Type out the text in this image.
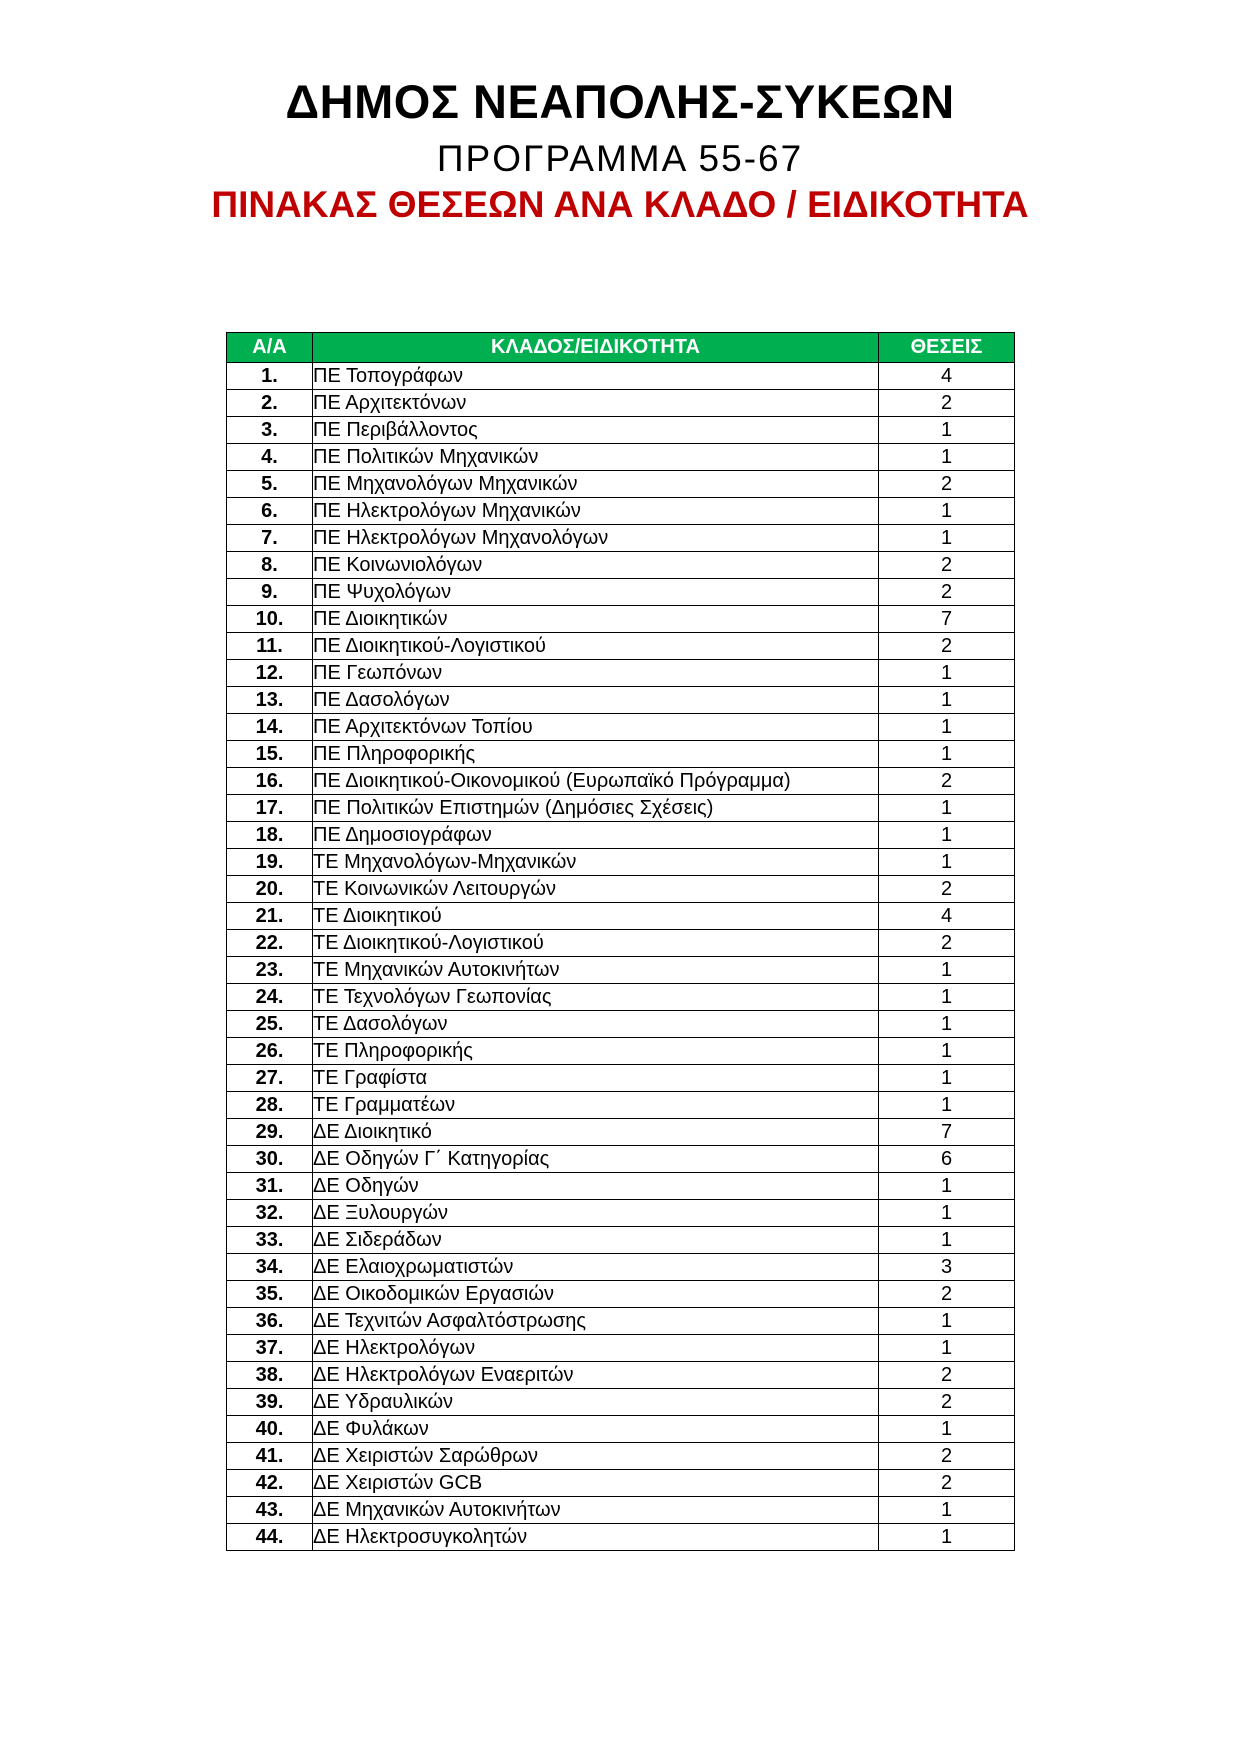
ΔΗΜΟΣ ΝΕΑΠΟΛΗΣ-ΣΥΚΕΩΝ
ΠΡΟΓΡΑΜΜΑ 55-67
ΠΙΝΑΚΑΣ ΘΕΣΕΩΝ ΑΝΑ ΚΛΑΔΟ / ΕΙΔΙΚΟΤΗΤΑ
Α/Α	ΚΛΑΔΟΣ/ΕΙΔΙΚΟΤΗΤΑ	ΘΕΣΕΙΣ
1.	ΠΕ Τοπογράφων	4
2.	ΠΕ Αρχιτεκτόνων	2
3.	ΠΕ Περιβάλλοντος	1
4.	ΠΕ Πολιτικών Μηχανικών	1
5.	ΠΕ Μηχανολόγων Μηχανικών	2
6.	ΠΕ Ηλεκτρολόγων Μηχανικών	1
7.	ΠΕ Ηλεκτρολόγων Μηχανολόγων	1
8.	ΠΕ Κοινωνιολόγων	2
9.	ΠΕ Ψυχολόγων	2
10.	ΠΕ Διοικητικών	7
11.	ΠΕ Διοικητικού-Λογιστικού	2
12.	ΠΕ Γεωπόνων	1
13.	ΠΕ Δασολόγων	1
14.	ΠΕ Αρχιτεκτόνων Τοπίου	1
15.	ΠΕ Πληροφορικής	1
16.	ΠΕ Διοικητικού-Οικονομικού (Ευρωπαϊκό Πρόγραμμα)	2
17.	ΠΕ Πολιτικών Επιστημών (Δημόσιες Σχέσεις)	1
18.	ΠΕ Δημοσιογράφων	1
19.	ΤΕ Μηχανολόγων-Μηχανικών	1
20.	ΤΕ Κοινωνικών Λειτουργών	2
21.	ΤΕ Διοικητικού	4
22.	ΤΕ Διοικητικού-Λογιστικού	2
23.	ΤΕ Μηχανικών Αυτοκινήτων	1
24.	ΤΕ Τεχνολόγων Γεωπονίας	1
25.	ΤΕ Δασολόγων	1
26.	ΤΕ Πληροφορικής	1
27.	ΤΕ Γραφίστα	1
28.	ΤΕ Γραμματέων	1
29.	ΔΕ Διοικητικό	7
30.	ΔΕ Οδηγών Γ΄ Κατηγορίας	6
31.	ΔΕ Οδηγών	1
32.	ΔΕ Ξυλουργών	1
33.	ΔΕ Σιδεράδων	1
34.	ΔΕ Ελαιοχρωματιστών	3
35.	ΔΕ Οικοδομικών Εργασιών	2
36.	ΔΕ Τεχνιτών Ασφαλτόστρωσης	1
37.	ΔΕ Ηλεκτρολόγων	1
38.	ΔΕ Ηλεκτρολόγων Εναεριτών	2
39.	ΔΕ Υδραυλικών	2
40.	ΔΕ Φυλάκων	1
41.	ΔΕ Χειριστών Σαρώθρων	2
42.	ΔΕ Χειριστών GCB	2
43.	ΔΕ Μηχανικών Αυτοκινήτων	1
44.	ΔΕ Ηλεκτροσυγκολητών	1
